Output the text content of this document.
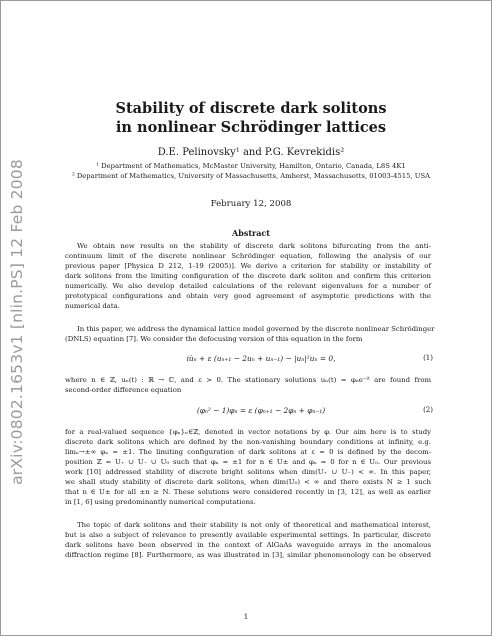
arXiv:0802.1653v1 [nlin.PS] 12 Feb 2008
Stability of discrete dark solitons
in nonlinear Schrödinger lattices
D.E. Pelinovsky¹ and P.G. Kevrekidis²
¹ Department of Mathematics, McMaster University, Hamilton, Ontario, Canada, L8S 4K1
² Department of Mathematics, University of Massachusetts, Amherst, Massachusetts, 01003-4515, USA
February 12, 2008
Abstract
We obtain new results on the stability of discrete dark solitons bifurcating from the anti-
continuum limit of the discrete nonlinear Schrödinger equation, following the analysis of our
previous paper [Physica D 212, 1-19 (2005)]. We derive a criterion for stability or instability of
dark solitons from the limiting configuration of the discrete dark soliton and confirm this criterion
numerically. We also develop detailed calculations of the relevant eigenvalues for a number of
prototypical configurations and obtain very good agreement of asymptotic predictions with the
numerical data.
In this paper, we address the dynamical lattice model governed by the discrete nonlinear Schrödinger
(DNLS) equation [7]. We consider the defocusing version of this equation in the form
iu̇ₙ + ε (uₙ₊₁ − 2uₙ + uₙ₋₁) − |uₙ|²uₙ = 0,	(1)
where n ∈ ℤ, uₙ(t) : ℝ → ℂ, and ε > 0. The stationary solutions uₙ(t) = φₙe⁻ⁱᵗ are found from
second-order difference equation
(φₙ² − 1)φₙ = ε (φₙ₊₁ − 2φₙ + φₙ₋₁)	(2)
for a real-valued sequence {φₙ}ₙ∈ℤ, denoted in vector notations by φ. Our aim here is to study
discrete dark solitons which are defined by the non-vanishing boundary conditions at infinity, e.g.
limₙ→±∞ φₙ = ±1. The limiting configuration of dark solitons at ε = 0 is defined by the decom-
position ℤ = U₊ ∪ U₋ ∪ U₀ such that φₙ = ±1 for n ∈ U± and φₙ = 0 for n ∈ U₀. Our previous
work [10] addressed stability of discrete bright solitons when dim(U₊ ∪ U₋) < ∞. In this paper,
we shall study stability of discrete dark solitons, when dim(U₀) < ∞ and there exists N ≥ 1 such
that n ∈ U± for all ±n ≥ N. These solutions were considered recently in [3, 12], as well as earlier
in [1, 6] using predominantly numerical computations.
The topic of dark solitons and their stability is not only of theoretical and mathematical interest,
but is also a subject of relevance to presently available experimental settings. In particular, discrete
dark solitons have been observed in the context of AlGaAs waveguide arrays in the anomalous
diffraction regime [8]. Furthermore, as was illustrated in [3], similar phenomenology can be observed
1
